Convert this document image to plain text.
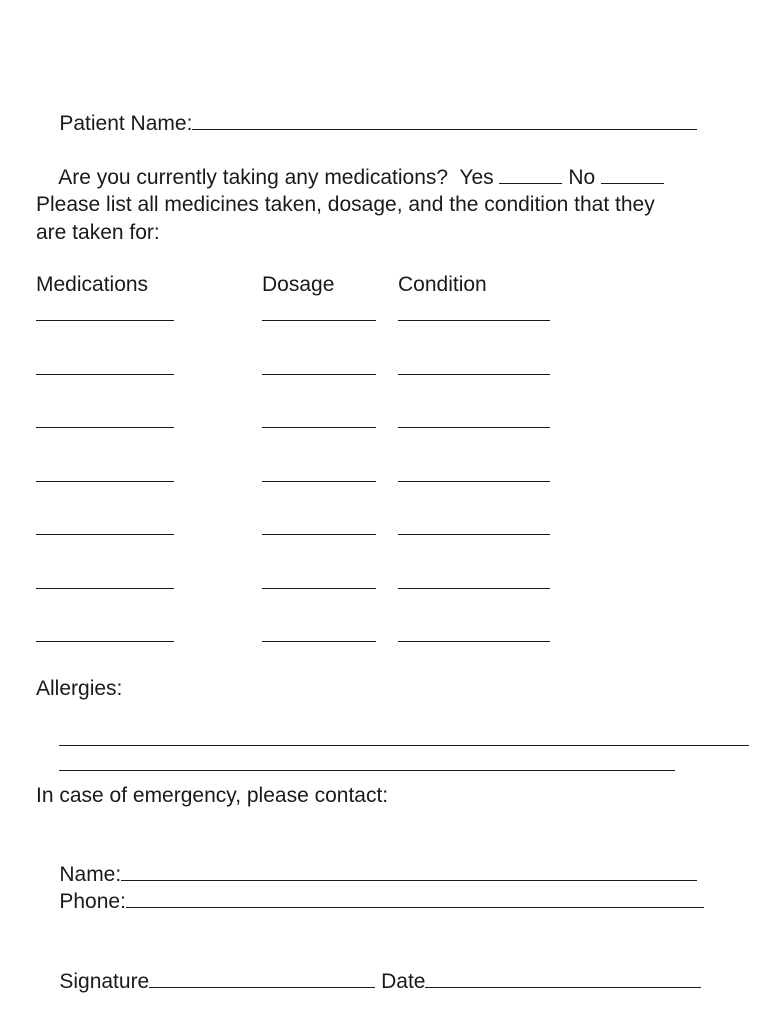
Patient Name:

Are you currently taking any medications? Yes	No

Please list all medicines taken, dosage, and the condition that they
are taken for:
Medications	Dosage	Condition
Allergies:

In case of emergency, please contact:

Name:

Phone:

Signature	Date
